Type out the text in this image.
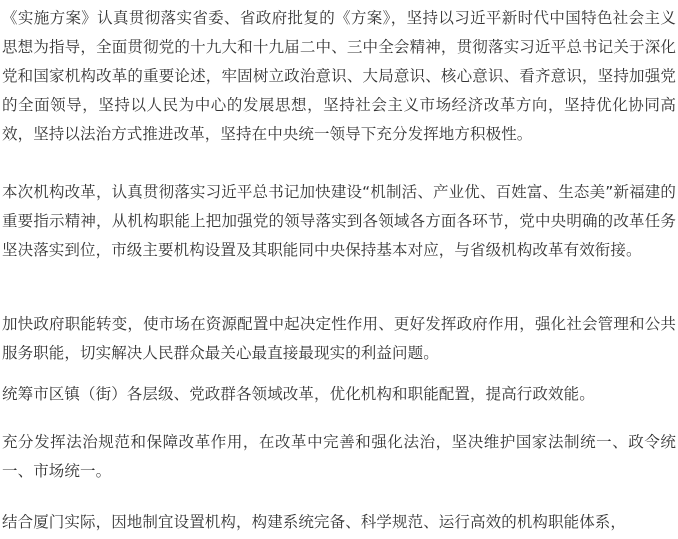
《实施方案》认真贯彻落实省委、省政府批复的《方案》，坚持以习近平新时代中国特色社会主义思想为指导，全面贯彻党的十九大和十九届二中、三中全会精神，贯彻落实习近平总书记关于深化党和国家机构改革的重要论述，牢固树立政治意识、大局意识、核心意识、看齐意识，坚持加强党的全面领导，坚持以人民为中心的发展思想，坚持社会主义市场经济改革方向，坚持优化协同高效，坚持以法治方式推进改革，坚持在中央统一领导下充分发挥地方积极性。

本次机构改革，认真贯彻落实习近平总书记加快建设“机制活、产业优、百姓富、生态美”新福建的重要指示精神，从机构职能上把加强党的领导落实到各领域各方面各环节，党中央明确的改革任务坚决落实到位，市级主要机构设置及其职能同中央保持基本对应，与省级机构改革有效衔接。

加快政府职能转变，使市场在资源配置中起决定性作用、更好发挥政府作用，强化社会管理和公共服务职能，切实解决人民群众最关心最直接最现实的利益问题。

统筹市区镇（街）各层级、党政群各领域改革，优化机构和职能配置，提高行政效能。

充分发挥法治规范和保障改革作用，在改革中完善和强化法治，坚决维护国家法制统一、政令统一、市场统一。

结合厦门实际，因地制宜设置机构，构建系统完备、科学规范、运行高效的机构职能体系，
